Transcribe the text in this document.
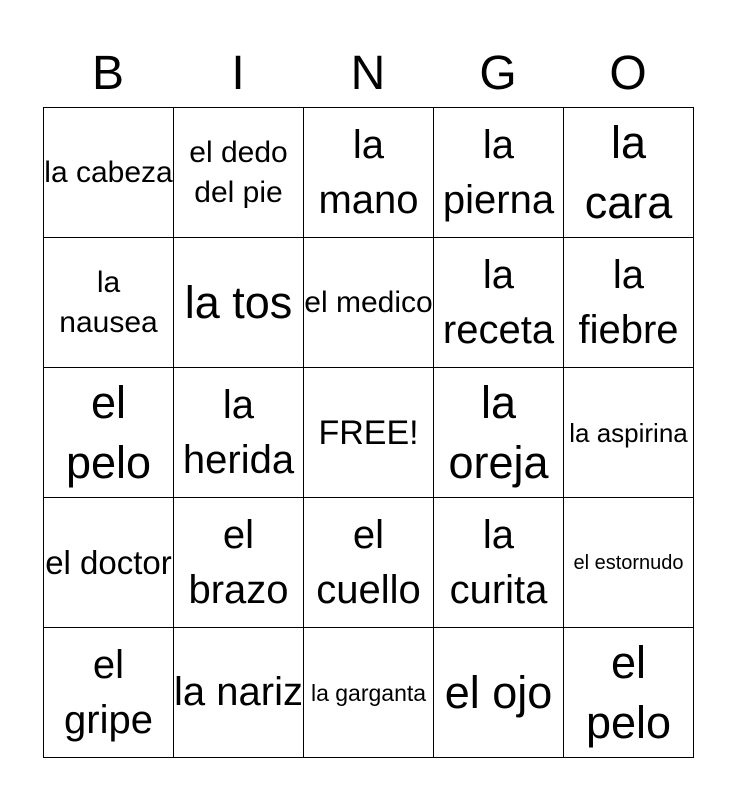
B	I	N	G	O
la cabeza	el dedo del pie	la mano	la pierna	la cara

la nausea	la tos	el medico	la receta	la fiebre

el pelo	la herida	FREE!	la oreja	la aspirina

el doctor	el brazo	el cuello	la curita	el estornudo

el gripe	la nariz	la garganta	el ojo	el pelo
